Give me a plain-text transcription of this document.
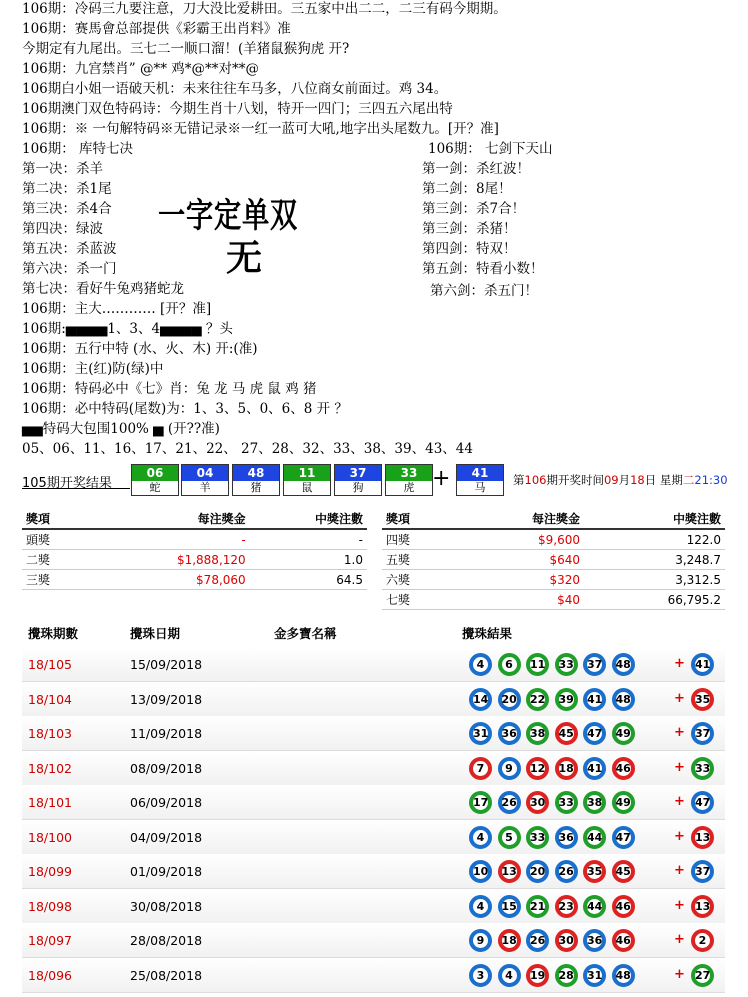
106期：冷码三九要注意，刀大没比爱耕田。三五家中出二二，二三有码今期期。
106期：赛馬會总部提供《彩霸王出肖料》准
今期定有九尾出。三七二一顺口溜！(羊猪鼠猴狗虎 开?
106期：九宫禁肖” @** 鸡*@**对**@
106期白小姐一语破天机：未来往往车马多，八位商女前面过。鸡 34。
106期澳门双色特码诗：今期生肖十八划，特开一四门；三四五六尾出特
106期：※ 一句解特码※无错记录※一红一蓝可大吼,地字出头尾数九。[开？准]
106期： 库特七决
第一决：杀羊
第二决：杀1尾
第三决：杀4合
第四决：绿波
第五决：杀蓝波
第六决：杀一门
第七决：看好牛兔鸡猪蛇龙
106期：主大………… [开？准]
106期:▅▅▅▅1、3、4▅▅▅▅ ？头
106期：五行中特 (水、火、木) 开:(准)
106期：主(红)防(绿)中
106期：特码必中《七》肖：兔 龙 马 虎 鼠 鸡 猪
106期：必中特码(尾数)为：1、3、5、0、6、8 开 ？
▅▅特码大包围100% ▅ (开??准)
05、06、11、16、17、21、22、 27、28、32、33、38、39、43、44
106期： 七剑下天山
第一剑：杀红波！
第二剑：8尾！
第三剑：杀7合！
第三剑：杀猪！
第四剑：特双！
第五剑：特看小数！
第六剑：杀五门！
一字定单双
无
105期开奖结果
06
蛇
04
羊
48
猪
11
鼠
37
狗
33
虎
41
马
+	第106期开奖时间09月18日 星期二21:30
獎項	每注獎金	中獎注數
頭獎	-	-
二獎	$1,888,120	1.0
三獎	$78,060	64.5
獎項	每注獎金	中獎注數
四獎	$9,600	122.0
五獎	$640	3,248.7
六獎	$320	3,312.5
七獎	$40	66,795.2
攪珠期數	攪珠日期	金多寶名稱	攪珠結果
18/105	15/09/2018	4	6	11	33	37	48	+ 41
18/104	13/09/2018	14	20	22	39	41	48	+ 35
18/103	11/09/2018	31	36	38	45	47	49	+ 37
18/102	08/09/2018	7	9	12	18	41	46	+ 33
18/101	06/09/2018	17	26	30	33	38	49	+ 47
18/100	04/09/2018	4	5	33	36	44	47	+ 13
18/099	01/09/2018	10	13	20	26	35	45	+ 37
18/098	30/08/2018	4	15	21	23	44	46	+ 13
18/097	28/08/2018	9	18	26	30	36	46	+	2
18/096	25/08/2018	3	4	19	28	31	48	+ 27
